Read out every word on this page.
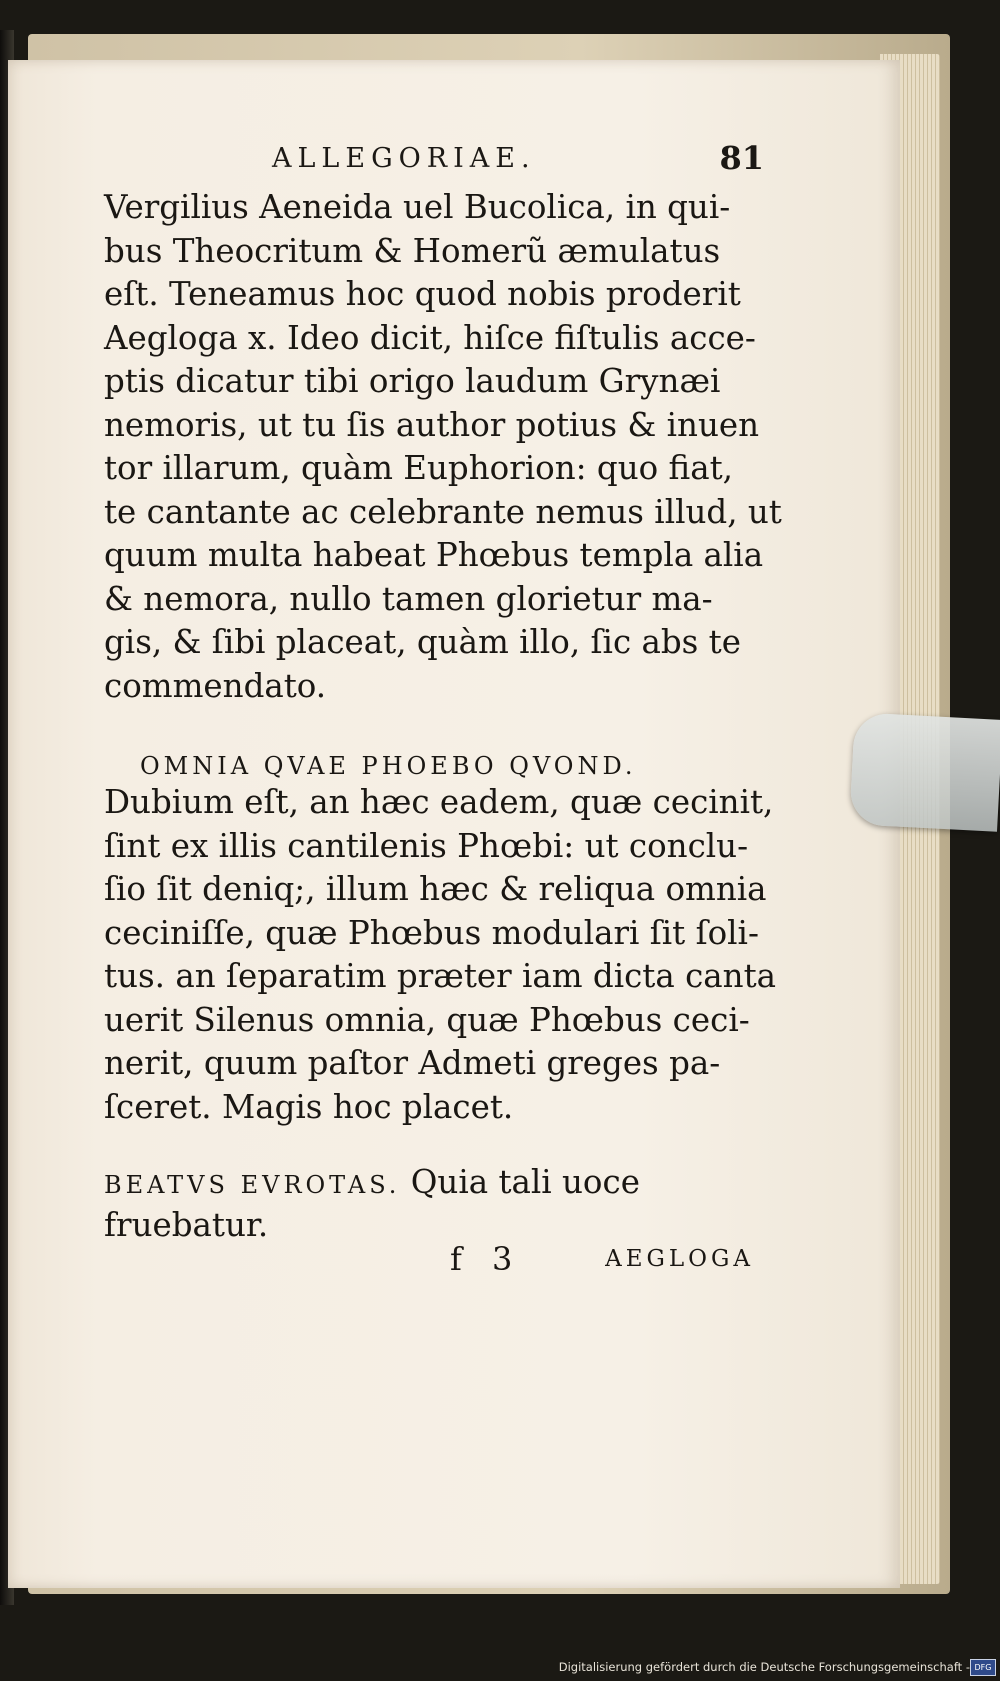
ALLEGORIAE.	81
Vergilius Aeneida uel Bucolica, in qui-
bus Theocritum & Homerũ æmulatus
eſt. Teneamus hoc quod nobis proderit
Aegloga x. Ideo dicit, hiſce fiſtulis acce-
ptis dicatur tibi origo laudum Grynæi
nemoris, ut tu ſis author potius & inuen
tor illarum, quàm Euphorion: quo fiat,
te cantante ac celebrante nemus illud, ut
quum multa habeat Phœbus templa alia
& nemora, nullo tamen glorietur ma-
gis, & ſibi placeat, quàm illo, ſic abs te
commendato.
OMNIA QVAE PHOEBO QVOND.
Dubium eſt, an hæc eadem, quæ cecinit,
ſint ex illis cantilenis Phœbi: ut conclu-
ſio ſit deniq;, illum hæc & reliqua omnia
ceciniſſe, quæ Phœbus modulari ſit ſoli-
tus. an ſeparatim præter iam dicta canta
uerit Silenus omnia, quæ Phœbus ceci-
nerit, quum paſtor Admeti greges pa-
ſceret. Magis hoc placet.
BEATVS EVROTAS. Quia tali uoce
fruebatur.
f 3	AEGLOGA
Digitalisierung gefördert durch die Deutsche Forschungsgemeinschaft - DFG
